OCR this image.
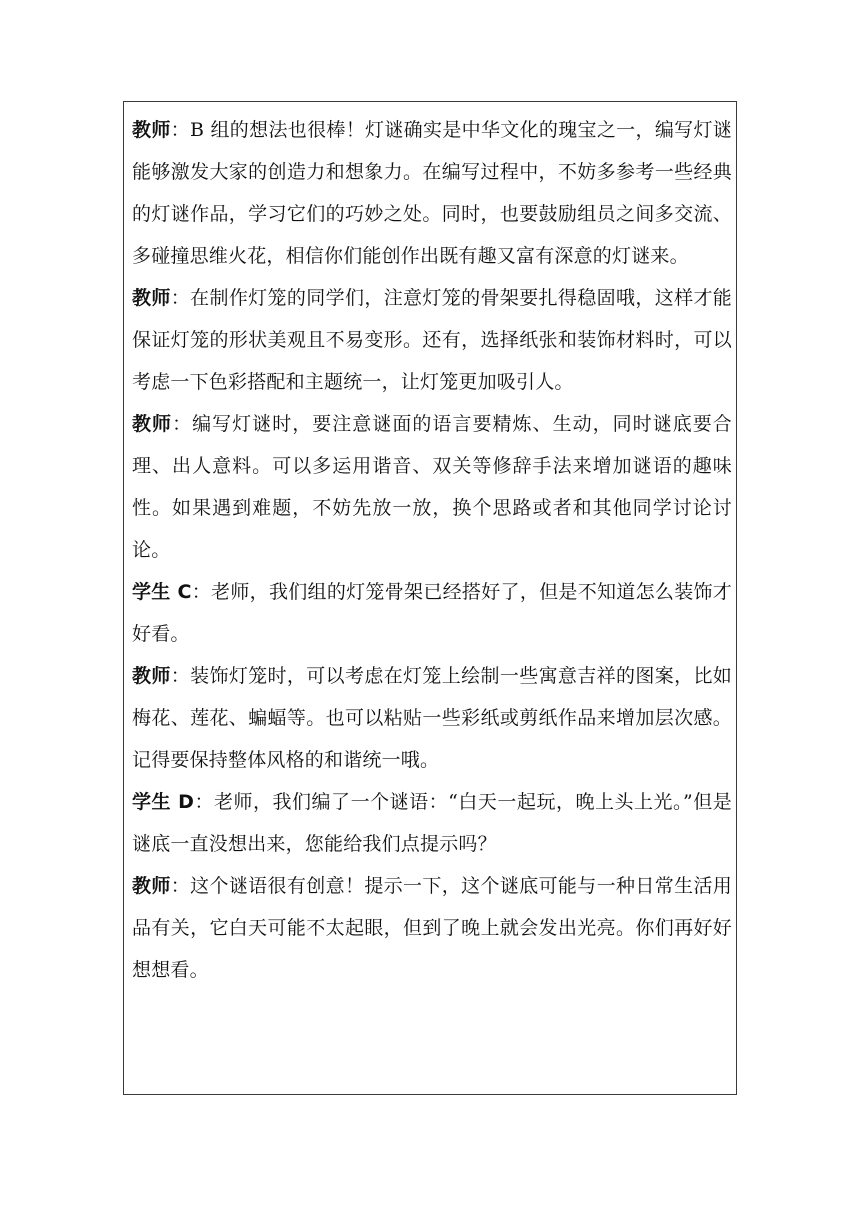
教师：B 组的想法也很棒！灯谜确实是中华文化的瑰宝之一，编写灯谜能够激发大家的创造力和想象力。在编写过程中，不妨多参考一些经典的灯谜作品，学习它们的巧妙之处。同时，也要鼓励组员之间多交流、多碰撞思维火花，相信你们能创作出既有趣又富有深意的灯谜来。

教师：在制作灯笼的同学们，注意灯笼的骨架要扎得稳固哦，这样才能保证灯笼的形状美观且不易变形。还有，选择纸张和装饰材料时，可以考虑一下色彩搭配和主题统一，让灯笼更加吸引人。

教师：编写灯谜时，要注意谜面的语言要精炼、生动，同时谜底要合理、出人意料。可以多运用谐音、双关等修辞手法来增加谜语的趣味性。如果遇到难题，不妨先放一放，换个思路或者和其他同学讨论讨论。

学生 C：老师，我们组的灯笼骨架已经搭好了，但是不知道怎么装饰才好看。

教师：装饰灯笼时，可以考虑在灯笼上绘制一些寓意吉祥的图案，比如梅花、莲花、蝙蝠等。也可以粘贴一些彩纸或剪纸作品来增加层次感。记得要保持整体风格的和谐统一哦。

学生 D：老师，我们编了一个谜语：“白天一起玩，晚上头上光。”但是谜底一直没想出来，您能给我们点提示吗？

教师：这个谜语很有创意！提示一下，这个谜底可能与一种日常生活用品有关，它白天可能不太起眼，但到了晚上就会发出光亮。你们再好好想想看。
